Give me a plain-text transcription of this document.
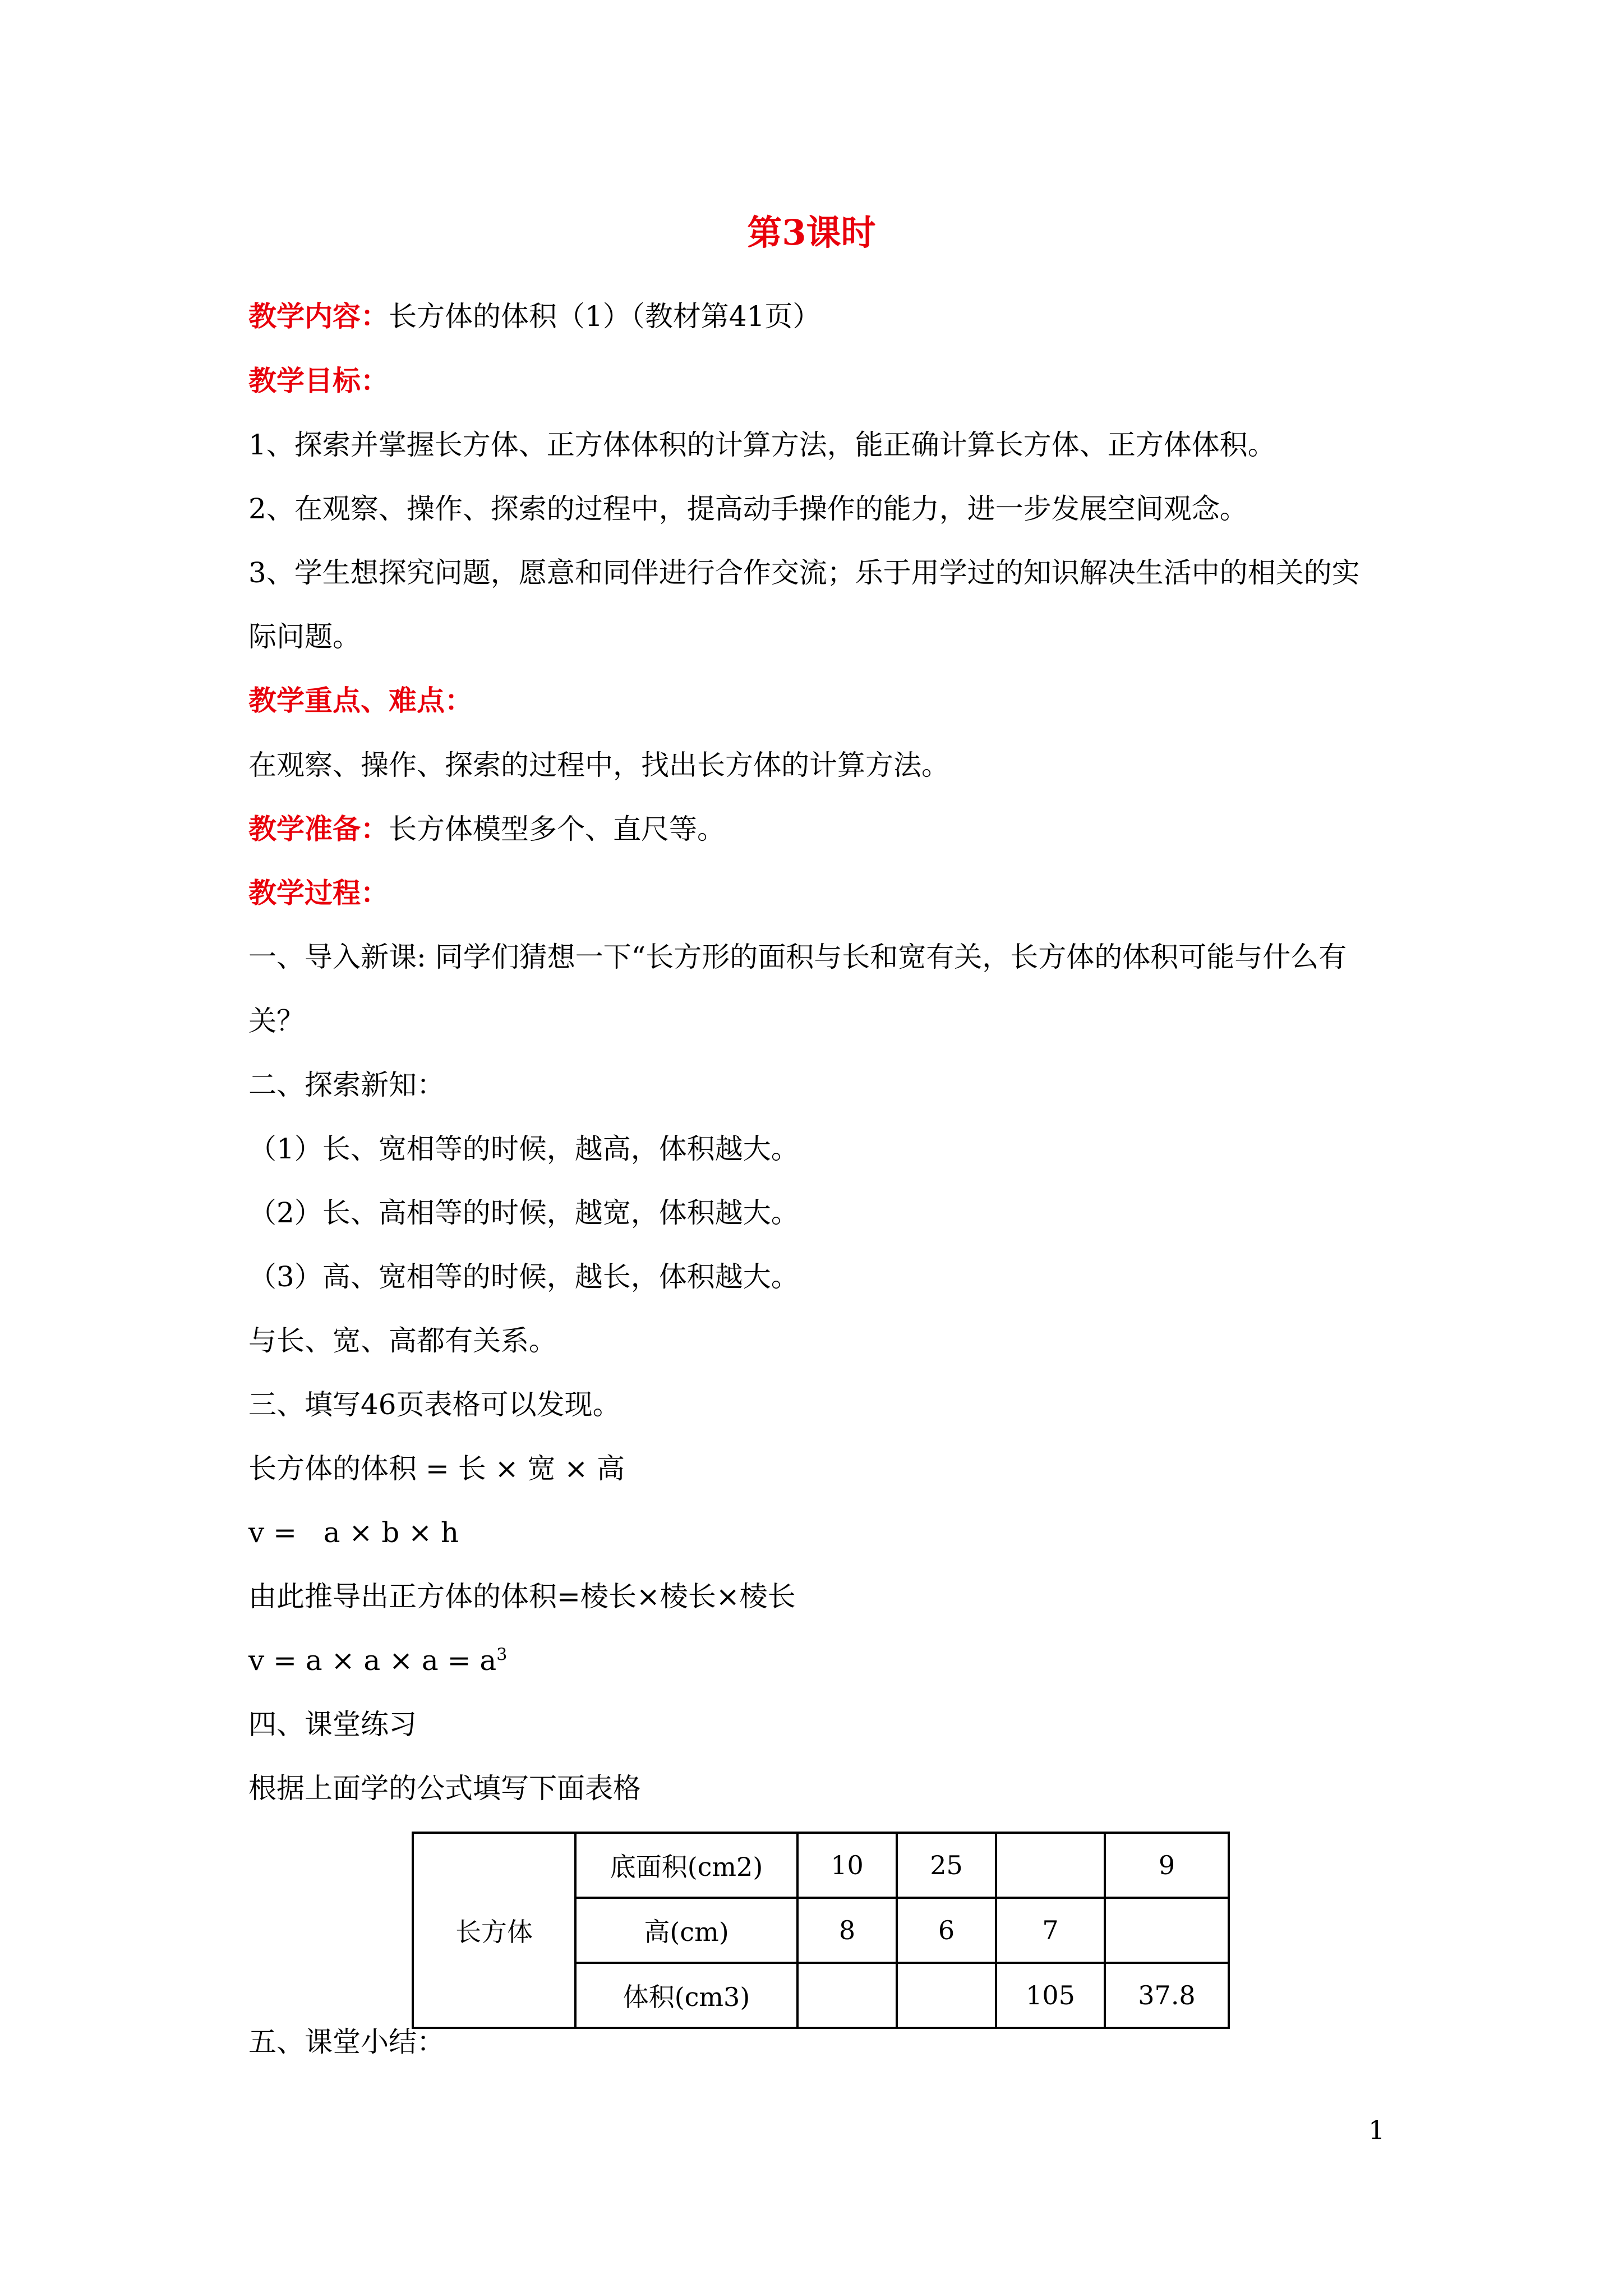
第3课时
教学内容：长方体的体积（1）（教材第41页）
教学目标：
1、探索并掌握长方体、正方体体积的计算方法，能正确计算长方体、正方体体积。
2、在观察、操作、探索的过程中，提高动手操作的能力，进一步发展空间观念。
3、学生想探究问题，愿意和同伴进行合作交流；乐于用学过的知识解决生活中的相关的实
际问题。
教学重点、难点：
在观察、操作、探索的过程中，找出长方体的计算方法。
教学准备：长方体模型多个、直尺等。
教学过程：
一、导入新课: 同学们猜想一下“长方形的面积与长和宽有关，长方体的体积可能与什么有
关？
二、探索新知：
（1）长、宽相等的时候，越高，体积越大。
（2）长、高相等的时候，越宽，体积越大。
（3）高、宽相等的时候，越长，体积越大。
与长、宽、高都有关系。
三、填写46页表格可以发现。
长方体的体积 = 长 × 宽 × 高
v =   a × b × h
由此推导出正方体的体积=棱长×棱长×棱长
$v = a \times a \times a = a^3$
四、课堂练习
根据上面学的公式填写下面表格
长方体	底面积(cm2)	10	25		9
	高(cm)	8	6	7	
	体积(cm3)			105	37.8
五、课堂小结：
1
